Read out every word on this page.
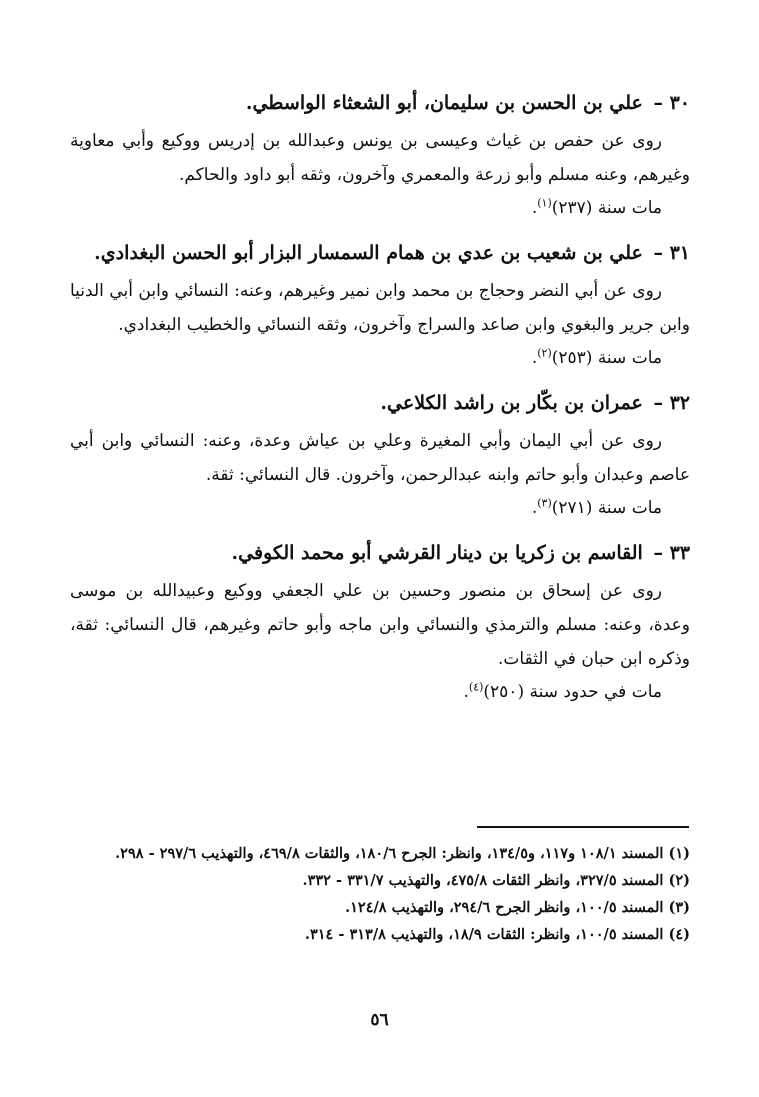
٣٠ – علي بن الحسن بن سليمان، أبو الشعثاء الواسطي.

روى عن حفص بن غياث وعيسى بن يونس وعبدالله بن إدريس ووكيع وأبي معاوية وغيرهم، وعنه مسلم وأبو زرعة والمعمري وآخرون، وثقه أبو داود والحاكم.

مات سنة (٢٣٧)$^{(١)}$.

٣١ – علي بن شعيب بن عدي بن همام السمسار البزار أبو الحسن البغدادي.

روى عن أبي النضر وحجاج بن محمد وابن نمير وغيرهم، وعنه: النسائي وابن أبي الدنيا وابن جرير والبغوي وابن صاعد والسراج وآخرون، وثقه النسائي والخطيب البغدادي.

مات سنة (٢٥٣)$^{(٢)}$.

٣٢ – عمران بن بكّار بن راشد الكلاعي.

روى عن أبي اليمان وأبي المغيرة وعلي بن عياش وعدة، وعنه: النسائي وابن أبي عاصم وعبدان وأبو حاتم وابنه عبدالرحمن، وآخرون. قال النسائي: ثقة.

مات سنة (٢٧١)$^{(٣)}$.

٣٣ – القاسم بن زكريا بن دينار القرشي أبو محمد الكوفي.

روى عن إسحاق بن منصور وحسين بن علي الجعفي ووكيع وعبيدالله بن موسى وعدة، وعنه: مسلم والترمذي والنسائي وابن ماجه وأبو حاتم وغيرهم، قال النسائي: ثقة، وذكره ابن حبان في الثقات.

مات في حدود سنة (٢٥٠)$^{(٤)}$.

(١) المسند ١٠٨/١ و١١٧، و١٣٤/٥، وانظر: الجرح ١٨٠/٦، والثقات ٤٦٩/٨، والتهذيب ٢٩٧/٦ - ٢٩٨.

(٢) المسند ٣٢٧/٥، وانظر الثقات ٤٧٥/٨، والتهذيب ٣٣١/٧ - ٣٣٢.

(٣) المسند ١٠٠/٥، وانظر الجرح ٢٩٤/٦، والتهذيب ١٢٤/٨.

(٤) المسند ١٠٠/٥، وانظر: الثقات ١٨/٩، والتهذيب ٣١٣/٨ - ٣١٤.

٥٦
